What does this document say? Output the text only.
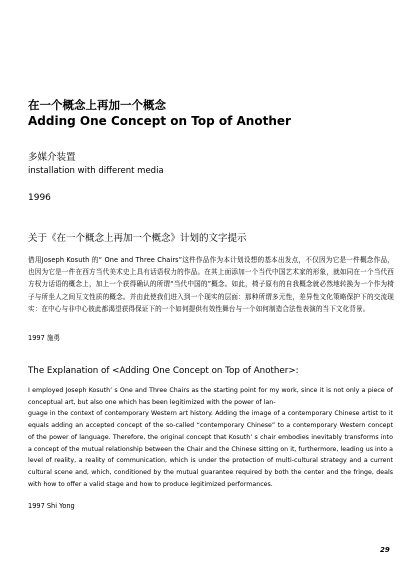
在一个概念上再加一个概念
Adding One Concept on Top of Another
多媒介装置
installation with different media
1996
关于《在一个概念上再加一个概念》计划的文字提示

借用Joseph Kosuth 的“ One and Three Chairs”这件作品作为本计划设想的基本出发点，不仅因为它是一件概念作品，也因为它是一件在西方当代美术史上具有话语权力的作品。在其上面添加一个当代中国艺术家的形象，就如同在一个当代西方权力话语的概念上，加上一个获得确认的所谓“当代中国的”概念。如此，椅子原有的自我概念就必然地转换为一个作为椅子与所坐人之间互文性质的概念。并由此使我们进入到一个现实的层面：那种所谓多元性，差异性文化策略保护下的交流现实：在中心与非中心彼此都渴望获得保证下的一个如何提供有效性舞台与一个如何制造合法性表演的当下文化背景。

1997 施勇
The Explanation of <Adding One Concept on Top of Another>:

I employed Joseph Kosuth’ s One and Three Chairs as the starting point for my work, since it is not only a piece of conceptual art, but also one which has been legitimized with the power of lan-
guage in the context of contemporary Western art history. Adding the image of a contemporary Chinese artist to it equals adding an accepted concept of the so-called “contemporary Chinese” to a contemporary Western concept of the power of language. Therefore, the original concept that Kosuth’ s chair embodies inevitably transforms into a concept of the mutual relationship between the Chair and the Chinese sitting on it, furthermore, leading us into a level of reality, a reality of communication, which is under the protection of multi-cultural strategy and a current cultural scene and, which, conditioned by the mutual guarantee required by both the center and the fringe, deals with how to offer a valid stage and how to produce legitimized performances.

1997 Shi Yong
29
